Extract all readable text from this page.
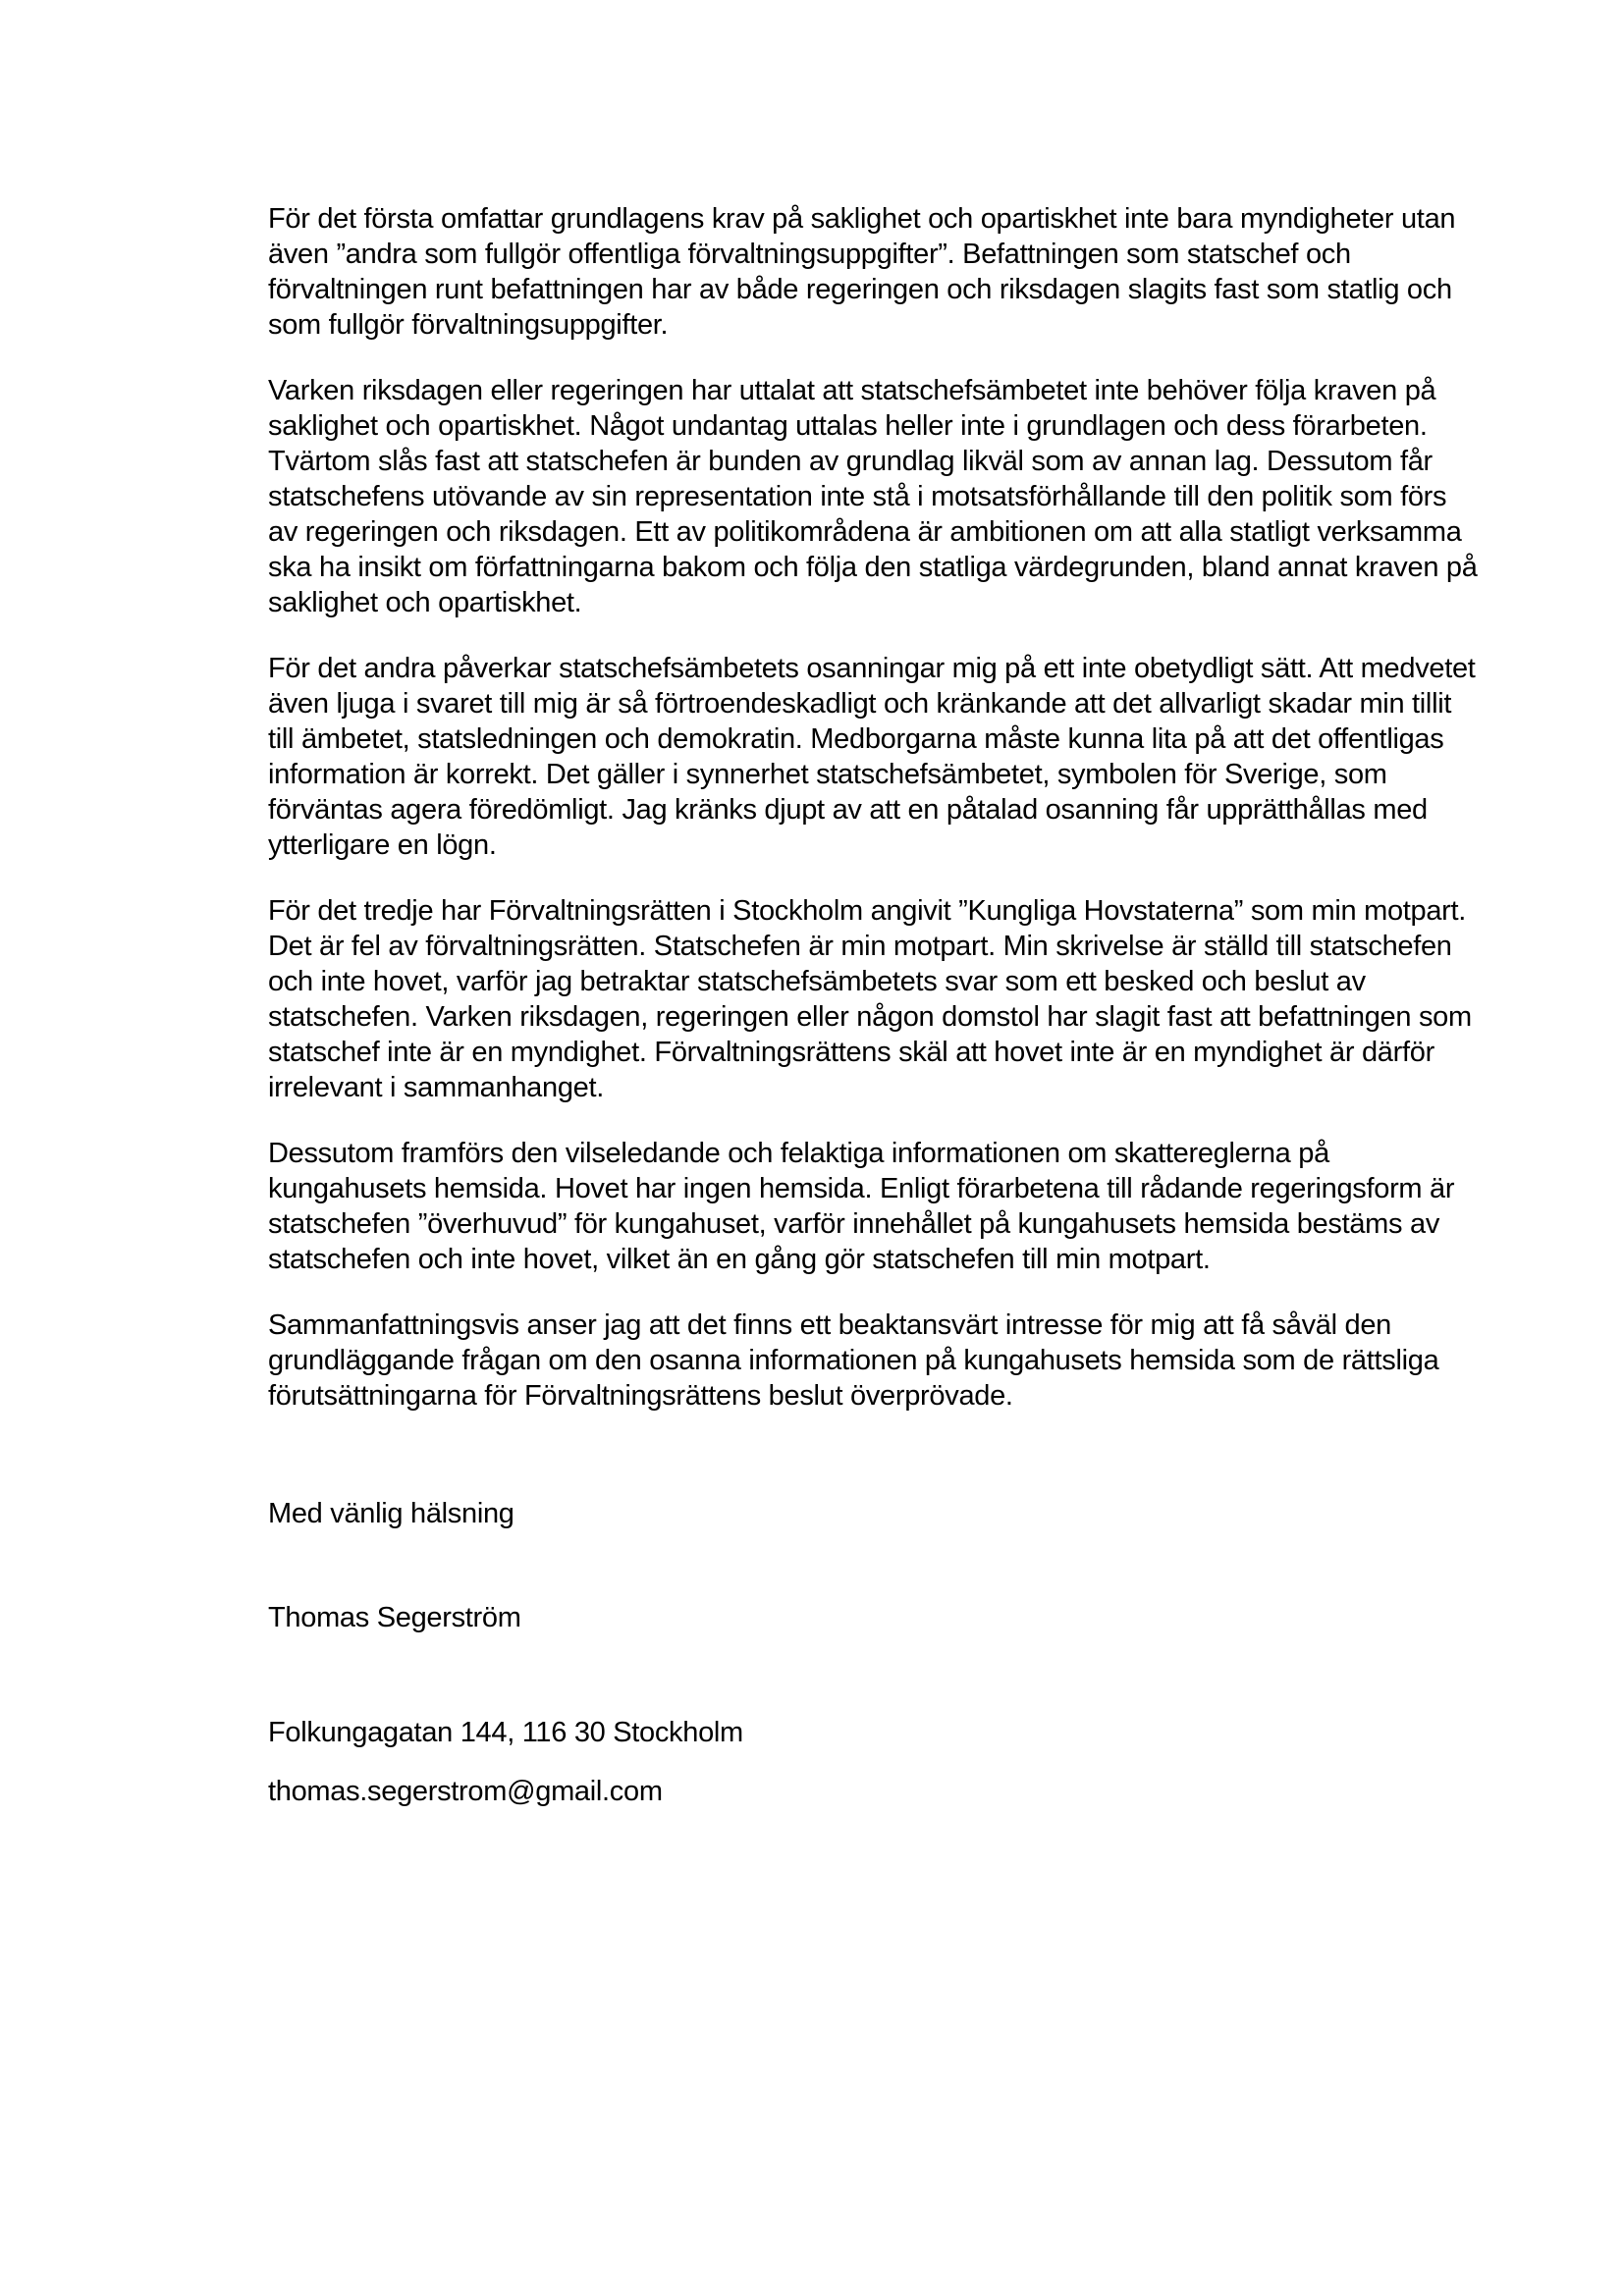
För det första omfattar grundlagens krav på saklighet och opartiskhet inte bara myndigheter utan även ”andra som fullgör offentliga förvaltningsuppgifter”. Befattningen som statschef och förvaltningen runt befattningen har av både regeringen och riksdagen slagits fast som statlig och som fullgör förvaltningsuppgifter.

Varken riksdagen eller regeringen har uttalat att statschefsämbetet inte behöver följa kraven på saklighet och opartiskhet. Något undantag uttalas heller inte i grundlagen och dess förarbeten. Tvärtom slås fast att statschefen är bunden av grundlag likväl som av annan lag. Dessutom får statschefens utövande av sin representation inte stå i motsatsförhållande till den politik som förs av regeringen och riksdagen. Ett av politikområdena är ambitionen om att alla statligt verksamma ska ha insikt om författningarna bakom och följa den statliga värdegrunden, bland annat kraven på saklighet och opartiskhet.

För det andra påverkar statschefsämbetets osanningar mig på ett inte obetydligt sätt. Att medvetet även ljuga i svaret till mig är så förtroendeskadligt och kränkande att det allvarligt skadar min tillit till ämbetet, statsledningen och demokratin. Medborgarna måste kunna lita på att det offentligas information är korrekt. Det gäller i synnerhet statschefsämbetet, symbolen för Sverige, som förväntas agera föredömligt. Jag kränks djupt av att en påtalad osanning får upprätthållas med ytterligare en lögn.

För det tredje har Förvaltningsrätten i Stockholm angivit ”Kungliga Hovstaterna” som min motpart. Det är fel av förvaltningsrätten. Statschefen är min motpart. Min skrivelse är ställd till statschefen och inte hovet, varför jag betraktar statschefsämbetets svar som ett besked och beslut av statschefen. Varken riksdagen, regeringen eller någon domstol har slagit fast att befattningen som statschef inte är en myndighet. Förvaltningsrättens skäl att hovet inte är en myndighet är därför irrelevant i sammanhanget.

Dessutom framförs den vilseledande och felaktiga informationen om skattereglerna på kungahusets hemsida. Hovet har ingen hemsida. Enligt förarbetena till rådande regeringsform är statschefen ”överhuvud” för kungahuset, varför innehållet på kungahusets hemsida bestäms av statschefen och inte hovet, vilket än en gång gör statschefen till min motpart.

Sammanfattningsvis anser jag att det finns ett beaktansvärt intresse för mig att få såväl den grundläggande frågan om den osanna informationen på kungahusets hemsida som de rättsliga förutsättningarna för Förvaltningsrättens beslut överprövade.

Med vänlig hälsning

Thomas Segerström

Folkungagatan 144, 116 30 Stockholm

thomas.segerstrom@gmail.com
